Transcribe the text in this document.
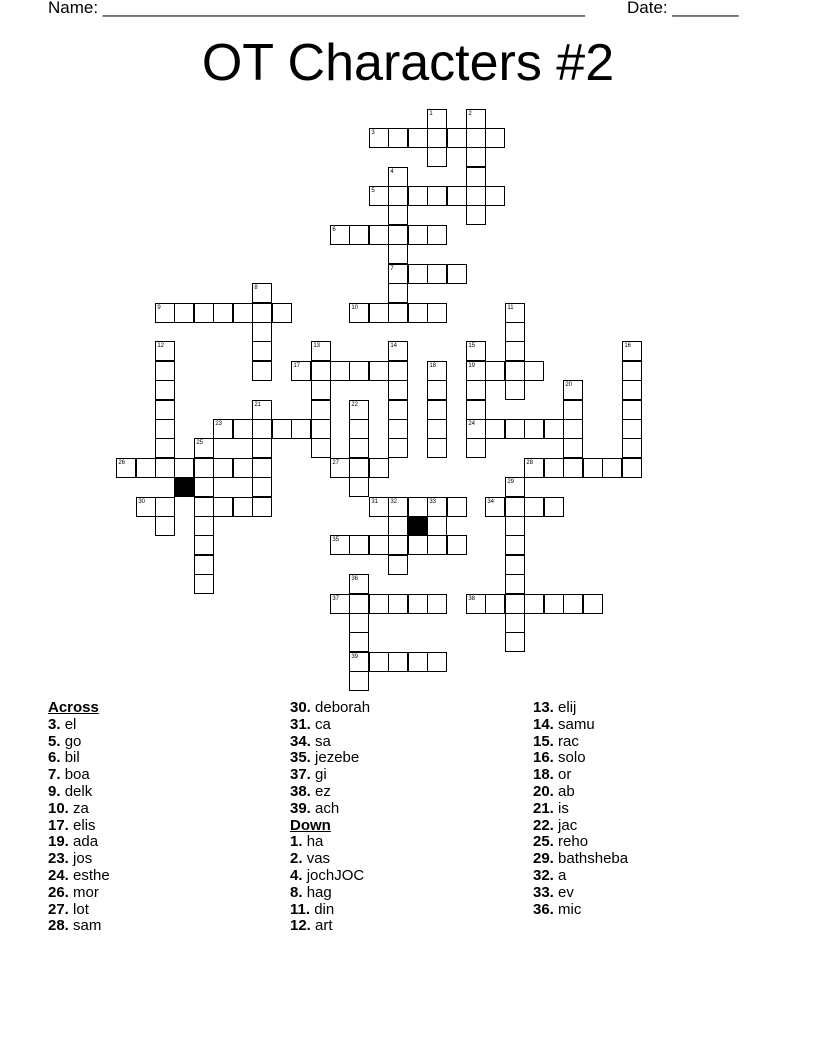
Name: ___________________________________________________ Date: _______
OT Characters #2
1	2
3
4
5
6
7
8
9	10	11
12	13	14	15	16
17	18	19
20
21	22
23	24
25
26	27	28
29
30	31 32	33	34
35
36
37	38
39
Across
3. el
5. go
6. bil
7. boa
9. delk
10. za
17. elis
19. ada
23. jos
24. esthe
26. mor
27. lot
28. sam
30. deborah
31. ca
34. sa
35. jezebe
37. gi
38. ez
39. ach
Down
1. ha
2. vas
4. jochJOC
8. hag
11. din
12. art
13. elij
14. samu
15. rac
16. solo
18. or
20. ab
21. is
22. jac
25. reho
29. bathsheba
32. a
33. ev
36. mic
